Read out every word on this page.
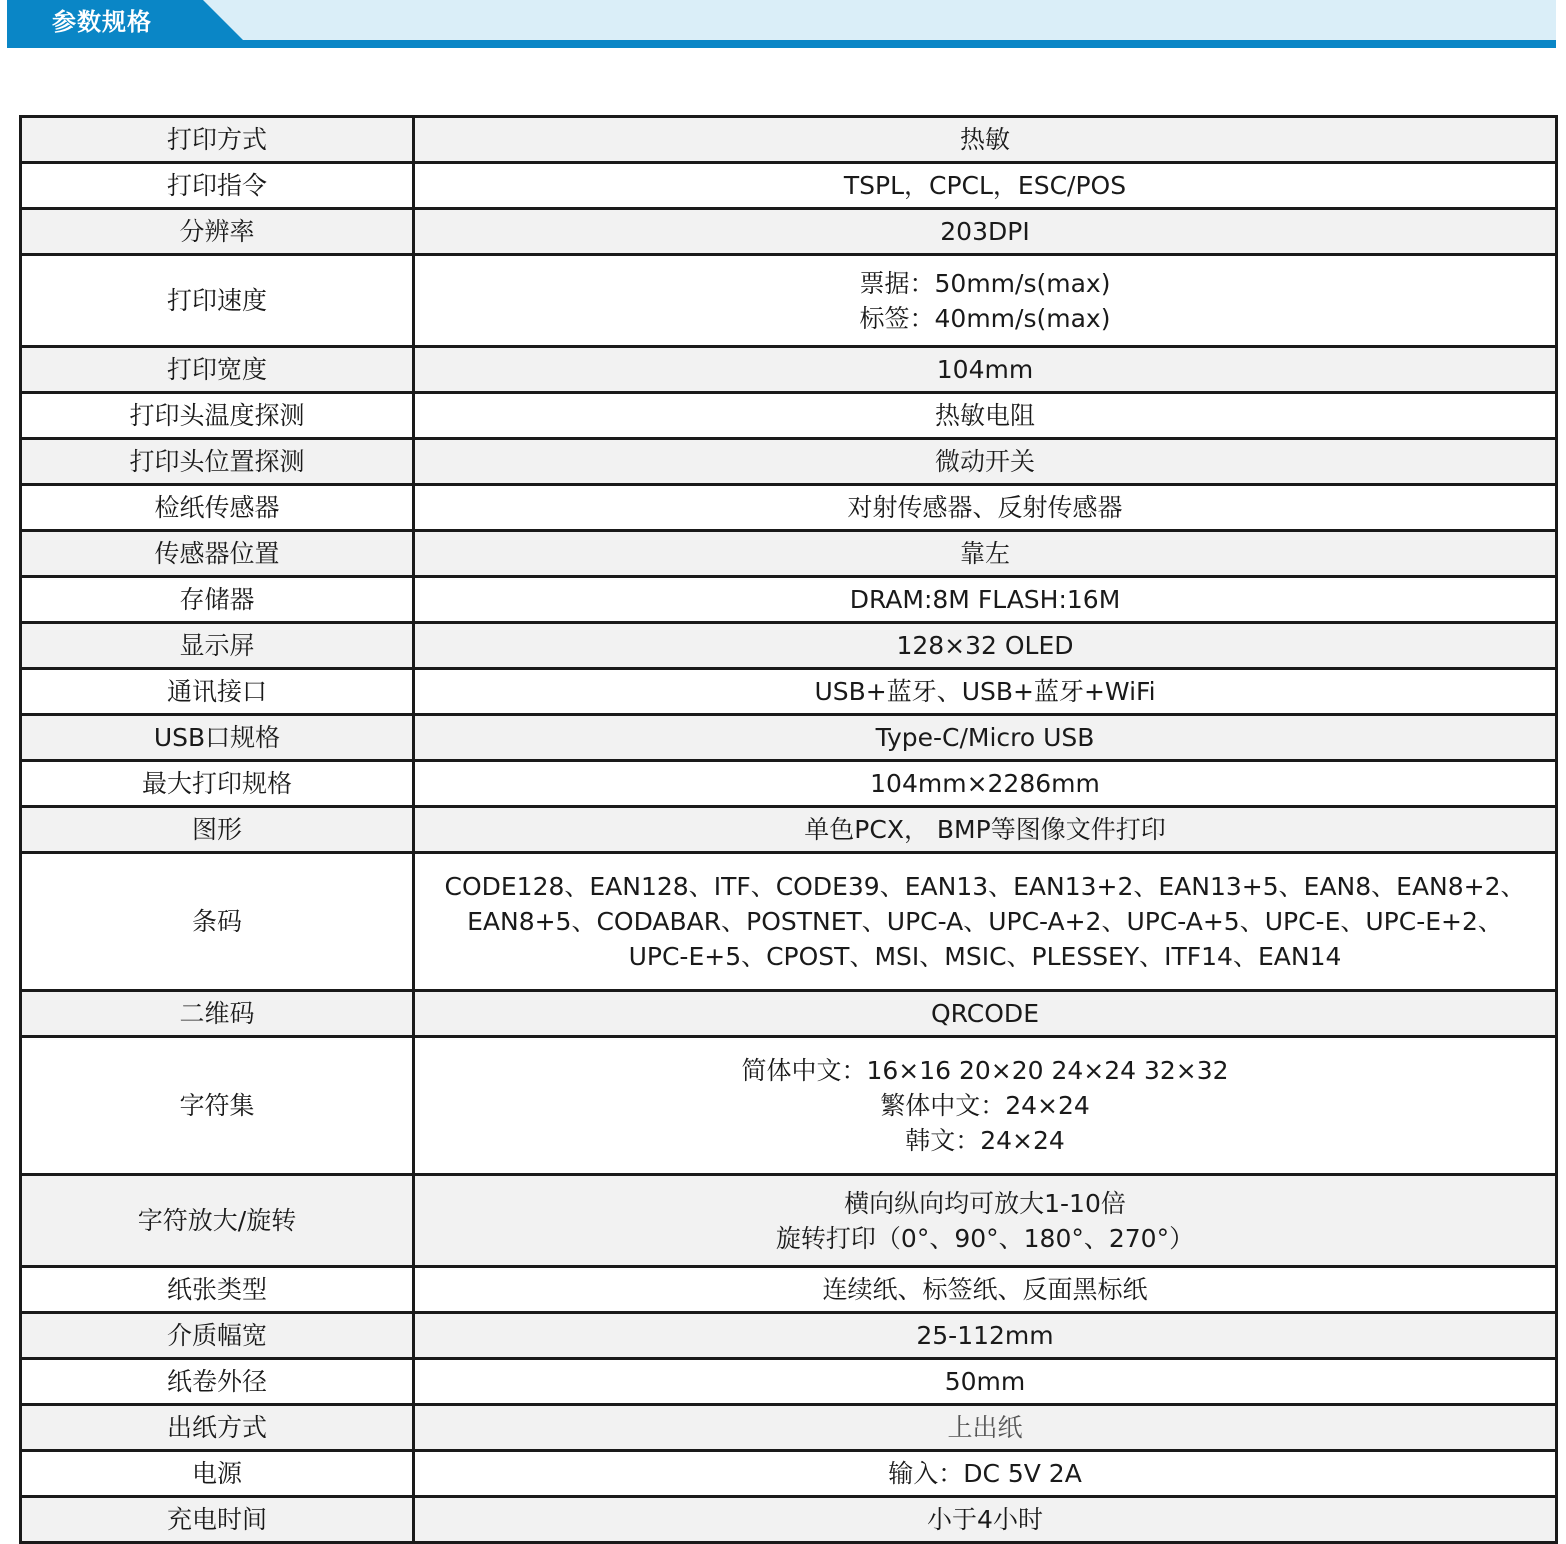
参数规格
打印方式	热敏

打印指令	TSPL，CPCL，ESC/POS

分辨率	203DPI

打印速度	票据：50mm/s(max)
标签：40mm/s(max)

打印宽度	104mm

打印头温度探测	热敏电阻

打印头位置探测	微动开关

检纸传感器	对射传感器、反射传感器

传感器位置	靠左

存储器	DRAM:8M FLASH:16M

显示屏	128×32 OLED

通讯接口	USB+蓝牙、USB+蓝牙+WiFi

USB口规格	Type-C/Micro USB

最大打印规格	104mm×2286mm

图形	单色PCX， BMP等图像文件打印

条码	CODE128、EAN128、ITF、CODE39、EAN13、EAN13+2、EAN13+5、EAN8、EAN8+2、
EAN8+5、CODABAR、POSTNET、UPC-A、UPC-A+2、UPC-A+5、UPC-E、UPC-E+2、
UPC-E+5、CPOST、MSI、MSIC、PLESSEY、ITF14、EAN14

二维码	QRCODE

字符集	简体中文：16×16 20×20 24×24 32×32
繁体中文：24×24
韩文：24×24

字符放大/旋转	横向纵向均可放大1-10倍
旋转打印（0°、90°、180°、270°）

纸张类型	连续纸、标签纸、反面黑标纸

介质幅宽	25-112mm

纸卷外径	50mm

出纸方式	上出纸

电源	输入：DC 5V 2A

充电时间	小于4小时
